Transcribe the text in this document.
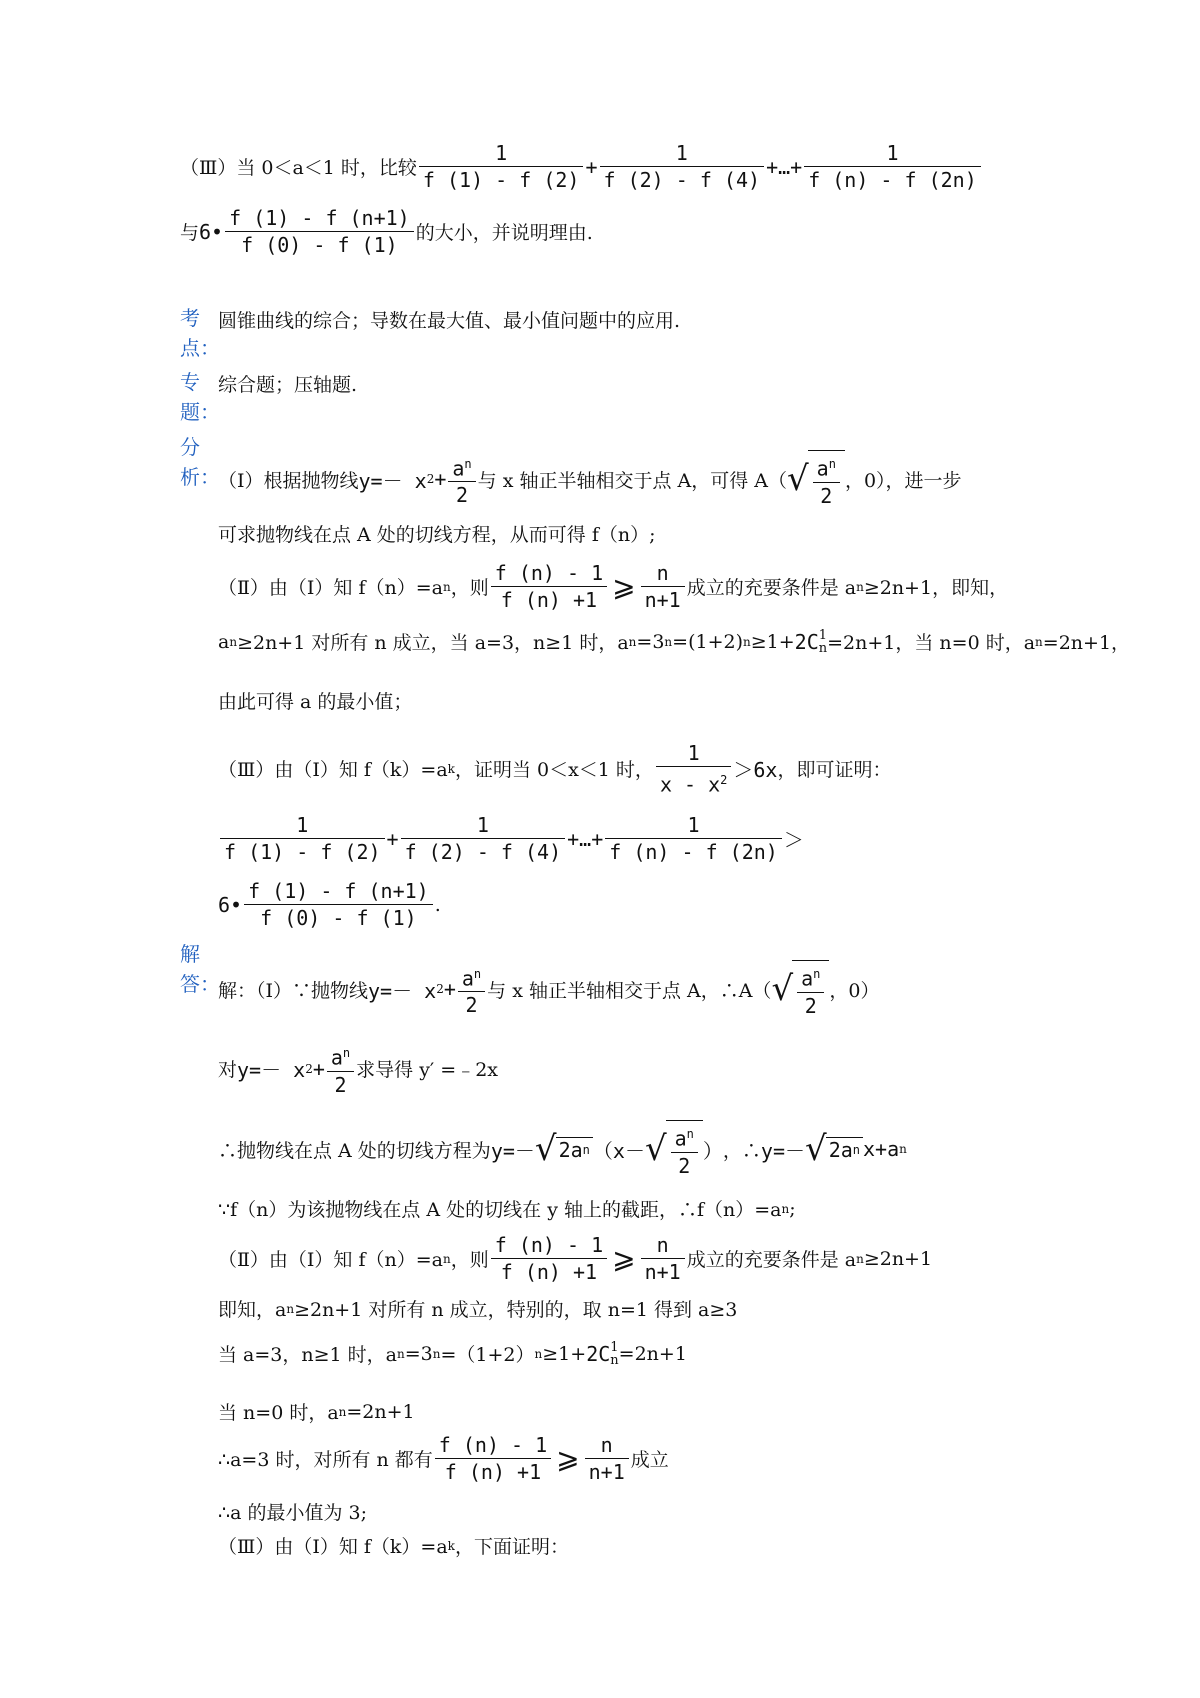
（Ⅲ）当 0＜a＜1 时，比较 $\frac{1}{f (1) - f (2)} + \frac{1}{f (2) - f (4)}$ +…+ $\frac{1}{f (n) - f (2n)}$
与 6• $\frac{f (1) - f (n+1)}{f (0) - f (1)}$ 的大小，并说明理由.
考
点：
圆锥曲线的综合；导数在最大值、最小值问题中的应用.
专
题：
综合题；压轴题.
分
析：
（Ⅰ）根据抛物线 y=－ x $2 + \frac{a^n}{2}$ 与 x 轴正半轴相交于点 A，可得 A（ √ $\frac{a^n}{2}$ ，0），进一步
可求抛物线在点 A 处的切线方程，从而可得 f（n）;
（Ⅱ）由（Ⅰ）知 f（n）=a n ，则 $\frac{f (n) - 1}{f (n) +1}$ ⩾ $\frac{n}{n+1}$ 成立的充要条件是 a n ≥2n+1，即知，
a n ≥2n+1 对所有 n 成立，当 a=3，n≥1 时，a n =3 n =(1+2) n ≥1+ 2C 1
n =2n+1，当 n=0 时，a n =2n+1，
由此可得 a 的最小值；
（Ⅲ）由（Ⅰ）知 f（k）=a k ，证明当 0＜x＜1 时， $\frac{1}{x - x^2} >6x$ ，即可证明：
$\frac{1}{f (1) - f (2)} + \frac{1}{f (2) - f (4)}$ +…+ $\frac{1}{f (n) - f (2n)}$ ＞
6• $\frac{f (1) - f (n+1)}{f (0) - f (1)}$ .
解
答：
解：（Ⅰ）∵抛物线 y=－ x $2 + \frac{a^n}{2}$ 与 x 轴正半轴相交于点 A，∴A（ √ $\frac{a^n}{2}$ ，0）
对 y=－ x $2 + \frac{a^n}{2}$ 求导得 y′ =﹣2x
∴抛物线在点 A 处的切线方程为 y=－ √ 2a n （x－ √ $\frac{a^n}{2}$ ） ，∴ y=－ √ 2a n x+a n
∵f（n）为该抛物线在点 A 处的切线在 y 轴上的截距，∴f（n）=a n ;
（Ⅱ）由（Ⅰ）知 f（n）=a n ，则 $\frac{f (n) - 1}{f (n) +1}$ ⩾ $\frac{n}{n+1}$ 成立的充要条件是 a n ≥2n+1
即知，a n ≥2n+1 对所有 n 成立，特别的，取 n=1 得到 a≥3
当 a=3，n≥1 时，a n =3 n =（1+2） n ≥1+ 2C 1
n =2n+1
当 n=0 时，a n =2n+1
∴a=3 时，对所有 n 都有 $\frac{f (n) - 1}{f (n) +1}$ ⩾ $\frac{n}{n+1}$ 成立
∴a 的最小值为 3;
（Ⅲ）由（Ⅰ）知 f（k）=a k ，下面证明：
